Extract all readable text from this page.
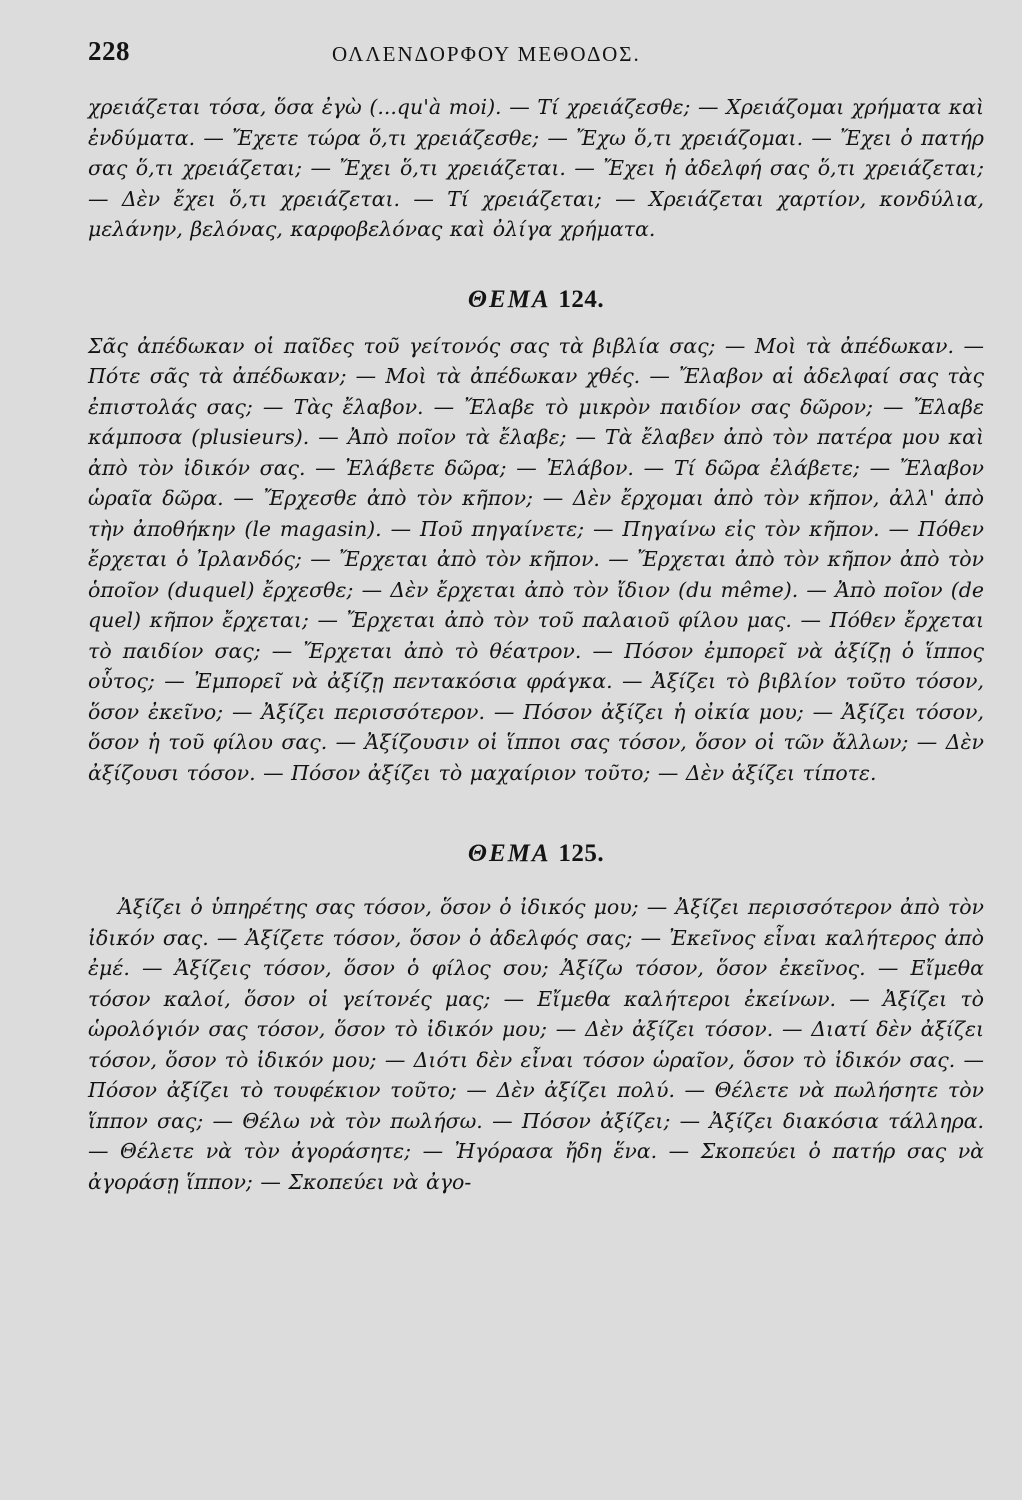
228	ΟΛΛΕΝΔΟΡΦΟΥ ΜΕΘΟΔΟΣ.

χρειάζεται τόσα, ὅσα ἐγὼ (...qu'à moi). — Τί χρειάζεσθε; — Χρειάζομαι χρήματα καὶ ἐνδύματα. — Ἔχετε τώρα ὅ,τι χρειάζεσθε; — Ἔχω ὅ,τι χρειάζομαι. — Ἔχει ὁ πατήρ σας ὅ,τι χρειάζεται; — Ἔχει ὅ,τι χρειάζεται. — Ἔχει ἡ ἀδελφή σας ὅ,τι χρειάζεται; — Δὲν ἔχει ὅ,τι χρειάζεται. — Τί χρειάζεται; — Χρειάζεται χαρτίον, κονδύλια, μελάνην, βελόνας, καρφοβελόνας καὶ ὀλίγα χρήματα.

ΘΕΜΑ 124.

Σᾶς ἀπέδωκαν οἱ παῖδες τοῦ γείτονός σας τὰ βιβλία σας; — Μοὶ τὰ ἀπέδωκαν. — Πότε σᾶς τὰ ἀπέδωκαν; — Μοὶ τὰ ἀπέδωκαν χθές. — Ἔλαβον αἱ ἀδελφαί σας τὰς ἐπιστολάς σας; — Τὰς ἔλαβον. — Ἔλαβε τὸ μικρὸν παιδίον σας δῶρον; — Ἔλαβε κάμποσα (plusieurs). — Ἀπὸ ποῖον τὰ ἔλαβε; — Τὰ ἔλαβεν ἀπὸ τὸν πατέρα μου καὶ ἀπὸ τὸν ἰδικόν σας. — Ἐλάβετε δῶρα; — Ἐλάβον. — Τί δῶρα ἐλάβετε; — Ἔλαβον ὡραῖα δῶρα. — Ἔρχεσθε ἀπὸ τὸν κῆπον; — Δὲν ἔρχομαι ἀπὸ τὸν κῆπον, ἀλλ' ἀπὸ τὴν ἀποθήκην (le magasin). — Ποῦ πηγαίνετε; — Πηγαίνω εἰς τὸν κῆπον. — Πόθεν ἔρχεται ὁ Ἰρλανδός; — Ἔρχεται ἀπὸ τὸν κῆπον. — Ἔρχεται ἀπὸ τὸν κῆπον ἀπὸ τὸν ὁποῖον (duquel) ἔρχεσθε; — Δὲν ἔρχεται ἀπὸ τὸν ἴδιον (du même). — Ἀπὸ ποῖον (de quel) κῆπον ἔρχεται; — Ἔρχεται ἀπὸ τὸν τοῦ παλαιοῦ φίλου μας. — Πόθεν ἔρχεται τὸ παιδίον σας; — Ἔρχεται ἀπὸ τὸ θέατρον. — Πόσον ἐμπορεῖ νὰ ἀξίζῃ ὁ ἵππος οὗτος; — Ἐμπορεῖ νὰ ἀξίζῃ πεντακόσια φράγκα. — Ἀξίζει τὸ βιβλίον τοῦτο τόσον, ὅσον ἐκεῖνο; — Ἀξίζει περισσότερον. — Πόσον ἀξίζει ἡ οἰκία μου; — Ἀξίζει τόσον, ὅσον ἡ τοῦ φίλου σας. — Ἀξίζουσιν οἱ ἵπποι σας τόσον, ὅσον οἱ τῶν ἄλλων; — Δὲν ἀξίζουσι τόσον. — Πόσον ἀξίζει τὸ μαχαίριον τοῦτο; — Δὲν ἀξίζει τίποτε.

ΘΕΜΑ 125.

Ἀξίζει ὁ ὑπηρέτης σας τόσον, ὅσον ὁ ἰδικός μου; — Ἀξίζει περισσότερον ἀπὸ τὸν ἰδικόν σας. — Ἀξίζετε τόσον, ὅσον ὁ ἀδελφός σας; — Ἐκεῖνος εἶναι καλήτερος ἀπὸ ἐμέ. — Ἀξίζεις τόσον, ὅσον ὁ φίλος σου; Ἀξίζω τόσον, ὅσον ἐκεῖνος. — Εἴμεθα τόσον καλοί, ὅσον οἱ γείτονές μας; — Εἴμεθα καλήτεροι ἐκείνων. — Ἀξίζει τὸ ὡρολόγιόν σας τόσον, ὅσον τὸ ἰδικόν μου; — Δὲν ἀξίζει τόσον. — Διατί δὲν ἀξίζει τόσον, ὅσον τὸ ἰδικόν μου; — Διότι δὲν εἶναι τόσον ὡραῖον, ὅσον τὸ ἰδικόν σας. — Πόσον ἀξίζει τὸ τουφέκιον τοῦτο; — Δὲν ἀξίζει πολύ. — Θέλετε νὰ πωλήσητε τὸν ἵππον σας; — Θέλω νὰ τὸν πωλήσω. — Πόσον ἀξίζει; — Ἀξίζει διακόσια τάλληρα. — Θέλετε νὰ τὸν ἀγοράσητε; — Ἠγόρασα ἤδη ἕνα. — Σκοπεύει ὁ πατήρ σας νὰ ἀγοράσῃ ἵππον; — Σκοπεύει νὰ ἀγο-
